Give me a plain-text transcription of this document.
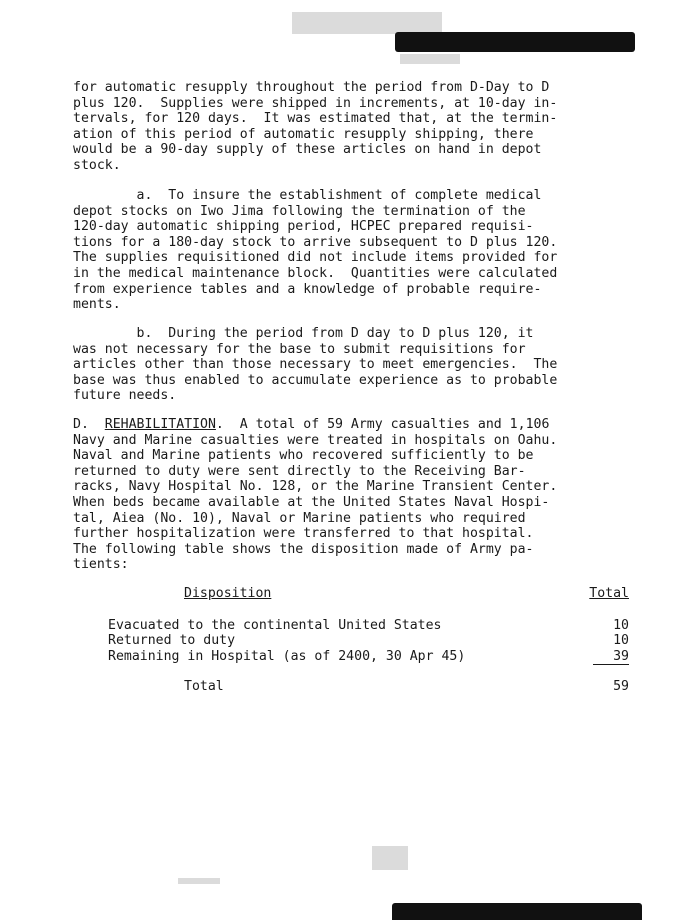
for automatic resupply throughout the period from D-Day to D
plus 120.  Supplies were shipped in increments, at 10-day in-
tervals, for 120 days.  It was estimated that, at the termin-
ation of this period of automatic resupply shipping, there
would be a 90-day supply of these articles on hand in depot
stock.
a.  To insure the establishment of complete medical
depot stocks on Iwo Jima following the termination of the
120-day automatic shipping period, HCPEC prepared requisi-
tions for a 180-day stock to arrive subsequent to D plus 120.
The supplies requisitioned did not include items provided for
in the medical maintenance block.  Quantities were calculated
from experience tables and a knowledge of probable require-
ments.
b.  During the period from D day to D plus 120, it
was not necessary for the base to submit requisitions for
articles other than those necessary to meet emergencies.  The
base was thus enabled to accumulate experience as to probable
future needs.
D.  REHABILITATION.  A total of 59 Army casualties and 1,106
Navy and Marine casualties were treated in hospitals on Oahu.
Naval and Marine patients who recovered sufficiently to be
returned to duty were sent directly to the Receiving Bar-
racks, Navy Hospital No. 128, or the Marine Transient Center.
When beds became available at the United States Naval Hospi-
tal, Aiea (No. 10), Naval or Marine patients who required
further hospitalization were transferred to that hospital.
The following table shows the disposition made of Army pa-
tients:
Disposition	Total
Evacuated to the continental United States	10
Returned to duty	10
Remaining in Hospital (as of 2400, 30 Apr 45)	39
Total	59
